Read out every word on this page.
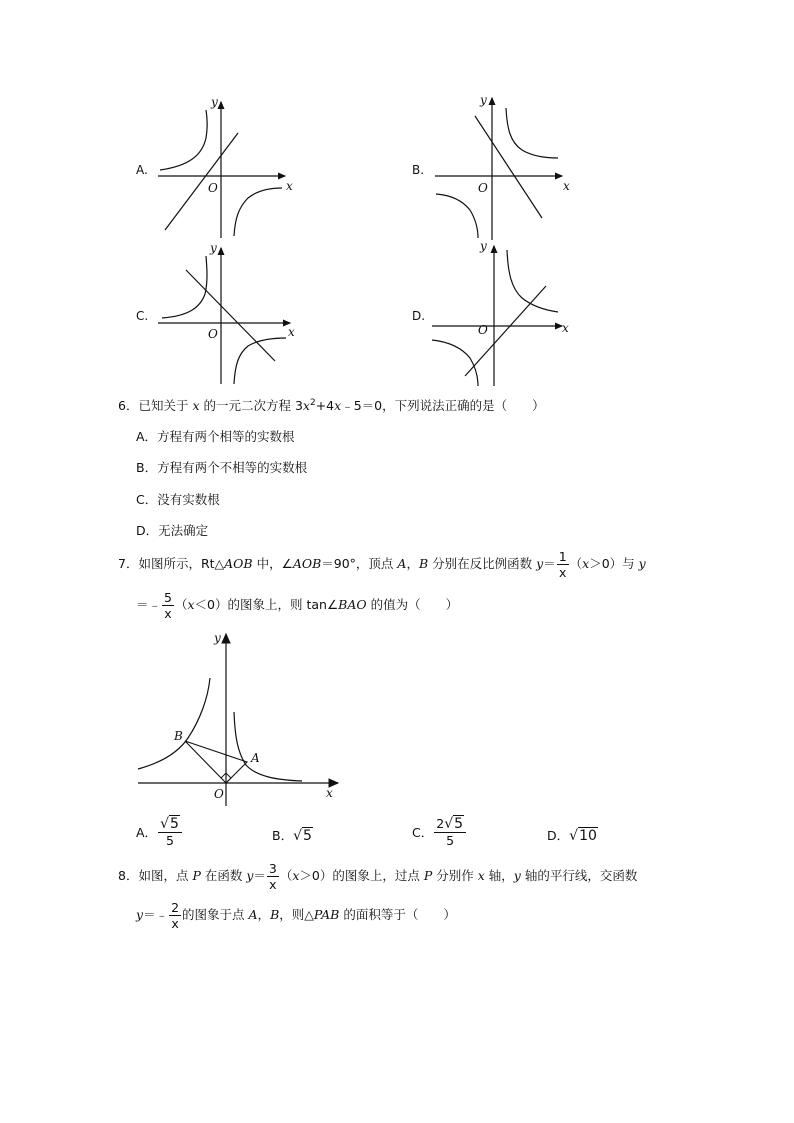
A.
x
y
O
B.
x
y
O
C.
x
y
O
D.
x
y
O
6．已知关于 x 的一元二次方程 $3x^2+4x﹣5=0$，下列说法正确的是（　　）
A．方程有两个相等的实数根
B．方程有两个不相等的实数根
C．没有实数根
D．无法确定
7．如图所示，Rt△AOB 中，∠AOB＝90°，顶点 A，B 分别在反比例函数 $y= \frac{1}{x} (x>0)$与 y
＝﹣ $\frac{5}{x} (x<0)$的图象上，则 tan∠BAO 的值为（　　）
y
x
O
B
A
A． $\frac{√5}{5}$	B．√5	C． $\frac{2√5}{5}$	D．√10
8．如图，点 P 在函数 $y= \frac{3}{x} (x>0)$的图象上，过点 P 分别作 x 轴，y 轴的平行线，交函数
y＝﹣ $\frac{2}{x}$ 的图象于点 A，B，则△PAB 的面积等于（　　）
